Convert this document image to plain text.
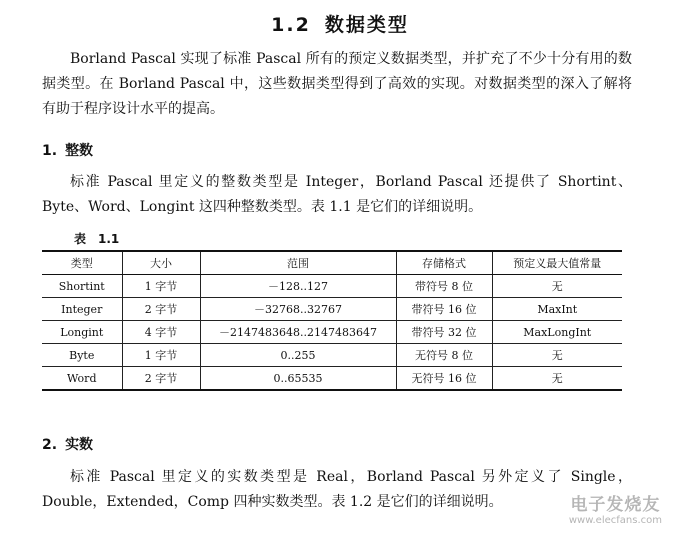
1.2 数据类型
Borland Pascal 实现了标准 Pascal 所有的预定义数据类型，并扩充了不少十分有用的数据类型。在 Borland Pascal 中，这些数据类型得到了高效的实现。对数据类型的深入了解将有助于程序设计水平的提高。
1. 整数
标准 Pascal 里定义的整数类型是 Integer，Borland Pascal 还提供了 Shortint、Byte、Word、Longint 这四种整数类型。表 1.1 是它们的详细说明。
表 1.1
类型	大小	范围	存储格式	预定义最大值常量
Shortint	1 字节	－128..127	带符号 8 位	无
Integer	2 字节	－32768..32767	带符号 16 位	MaxInt
Longint	4 字节	－2147483648..2147483647	带符号 32 位	MaxLongInt
Byte	1 字节	0..255	无符号 8 位	无
Word	2 字节	0..65535	无符号 16 位	无
2. 实数
标准 Pascal 里定义的实数类型是 Real，Borland Pascal 另外定义了 Single，Double，Extended，Comp 四种实数类型。表 1.2 是它们的详细说明。	电子发烧友
www.elecfans.com
